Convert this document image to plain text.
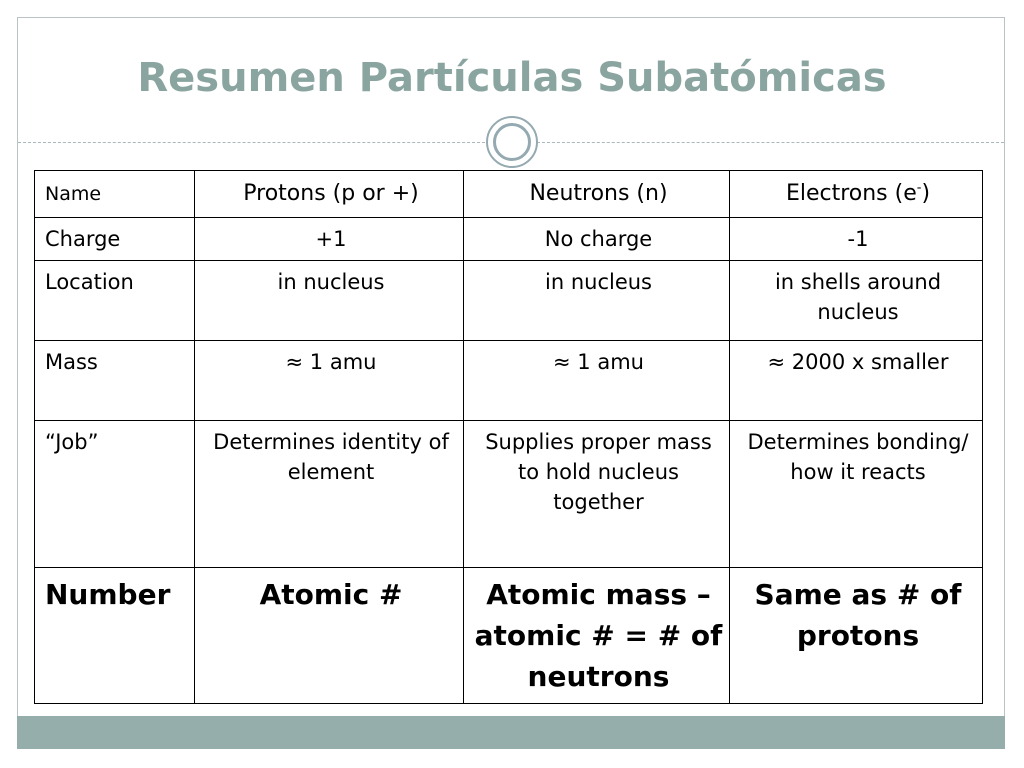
Resumen Partículas Subatómicas
Name	Protons (p or +)	Neutrons (n)	Electrons (e-)
Charge	+1	No charge	-1
Location	in nucleus	in nucleus	in shells around nucleus
Mass	≈ 1 amu	≈ 1 amu	≈ 2000 x smaller
“Job”	Determines identity of element	Supplies proper mass to hold nucleus together	Determines bonding/ how it reacts
Number	Atomic #	Atomic mass – atomic # = # of neutrons	Same as # of protons
